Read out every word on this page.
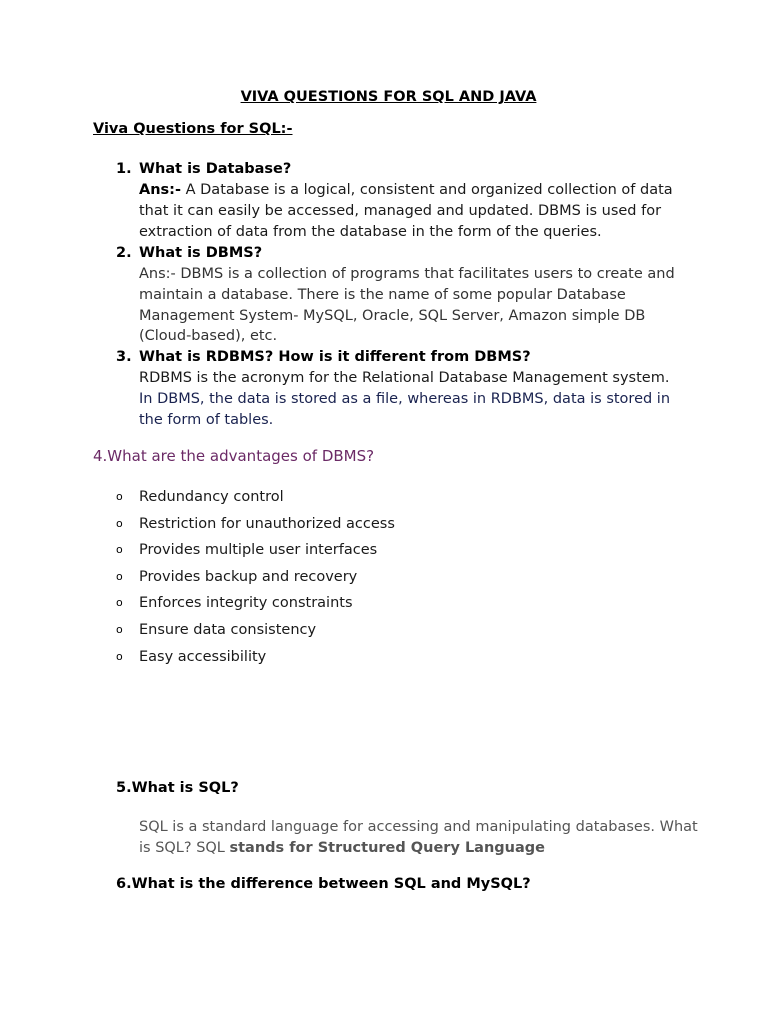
VIVA QUESTIONS FOR SQL AND JAVA
Viva Questions for SQL:-
1. What is Database?
Ans:- A Database is a logical, consistent and organized collection of data that it can easily be accessed, managed and updated. DBMS is used for extraction of data from the database in the form of the queries.
2. What is DBMS?
Ans:- DBMS is a collection of programs that facilitates users to create and maintain a database. There is the name of some popular Database Management System- MySQL, Oracle, SQL Server, Amazon simple DB (Cloud-based), etc.
3. What is RDBMS? How is it different from DBMS?
RDBMS is the acronym for the Relational Database Management system. In DBMS, the data is stored as a file, whereas in RDBMS, data is stored in the form of tables.
4.What are the advantages of DBMS?
o Redundancy control
o Restriction for unauthorized access
o Provides multiple user interfaces
o Provides backup and recovery
o Enforces integrity constraints
o Ensure data consistency
o Easy accessibility
5.What is SQL?
SQL is a standard language for accessing and manipulating databases. What is SQL? SQL stands for Structured Query Language
6.What is the difference between SQL and MySQL?
